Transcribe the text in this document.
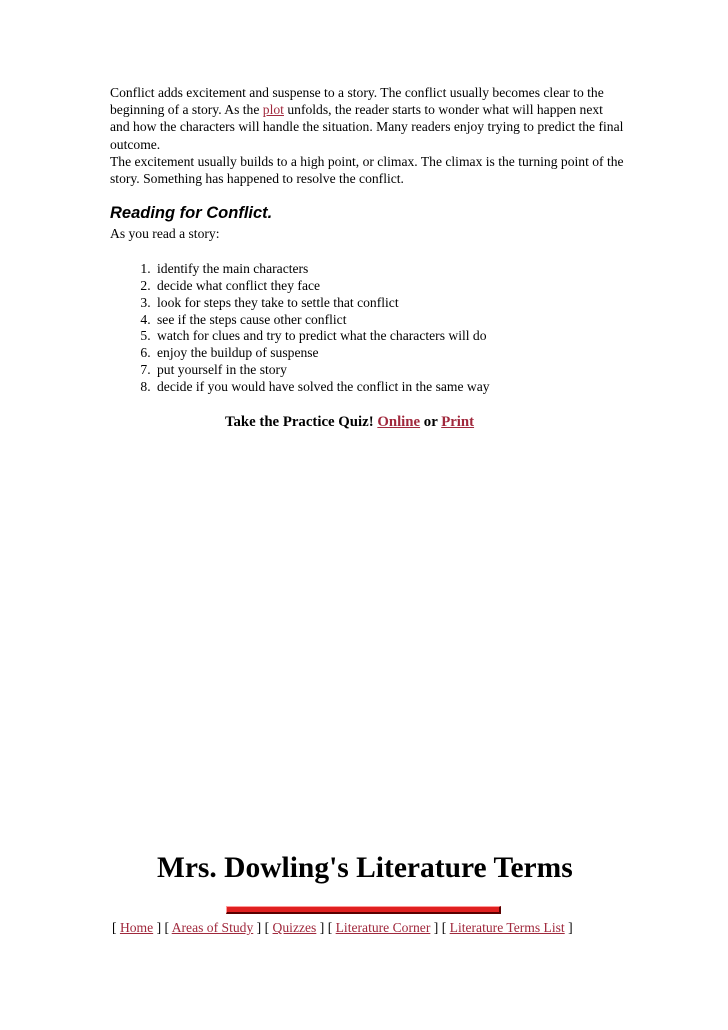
Conflict adds excitement and suspense to a story. The conflict usually becomes clear to the beginning of a story. As the plot unfolds, the reader starts to wonder what will happen next and how the characters will handle the situation. Many readers enjoy trying to predict the final outcome.
The excitement usually builds to a high point, or climax. The climax is the turning point of the story. Something has happened to resolve the conflict.

Reading for Conflict.

As you read a story:

1. identify the main characters
2. decide what conflict they face
3. look for steps they take to settle that conflict
4. see if the steps cause other conflict
5. watch for clues and try to predict what the characters will do
6. enjoy the buildup of suspense
7. put yourself in the story
8. decide if you would have solved the conflict in the same way
Take the Practice Quiz! Online or Print
Mrs. Dowling's Literature Terms
[ Home ] [ Areas of Study ] [ Quizzes ] [ Literature Corner ] [ Literature Terms List ]
